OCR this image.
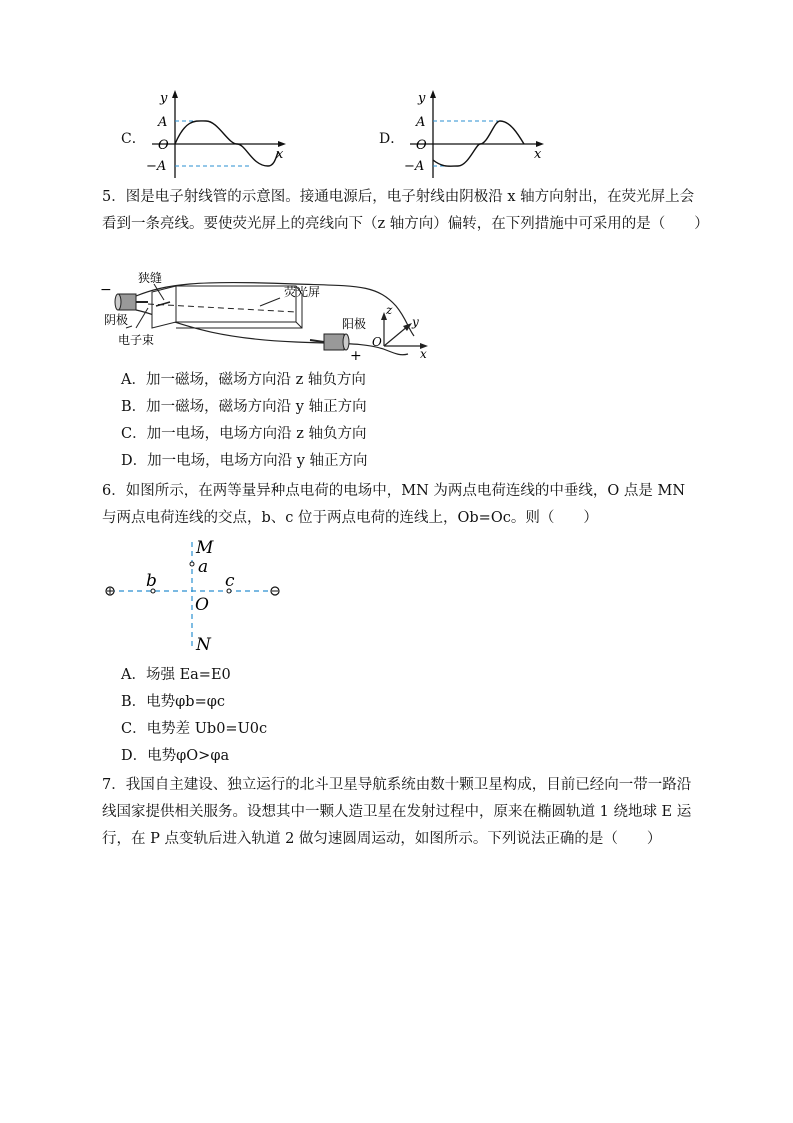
C．
y
x
A
O
−A
D．
y
x
A
O
−A
5．图是电子射线管的示意图。接通电源后，电子射线由阴极沿 x 轴方向射出，在荧光屏上会看到一条亮线。要使荧光屏上的亮线向下（z 轴方向）偏转，在下列措施中可采用的是（　　）
狭缝
荧光屏
阴极	阳极
电子束
−
+
z
y
x
O
A．加一磁场，磁场方向沿 z 轴负方向
B．加一磁场，磁场方向沿 y 轴正方向
C．加一电场，电场方向沿 z 轴负方向
D．加一电场，电场方向沿 y 轴正方向
6．如图所示，在两等量异种点电荷的电场中，MN 为两点电荷连线的中垂线，O 点是 MN 与两点电荷连线的交点，b、c 位于两点电荷的连线上，Ob=Oc。则（　　）
M
a
b	c
O
N
A．场强 Ea=E0
B．电势φb=φc
C．电势差 Ub0=U0c
D．电势φO>φa
7．我国自主建设、独立运行的北斗卫星导航系统由数十颗卫星构成，目前已经向一带一路沿线国家提供相关服务。设想其中一颗人造卫星在发射过程中，原来在椭圆轨道 1 绕地球 E 运行，在 P 点变轨后进入轨道 2 做匀速圆周运动，如图所示。下列说法正确的是（　　）
